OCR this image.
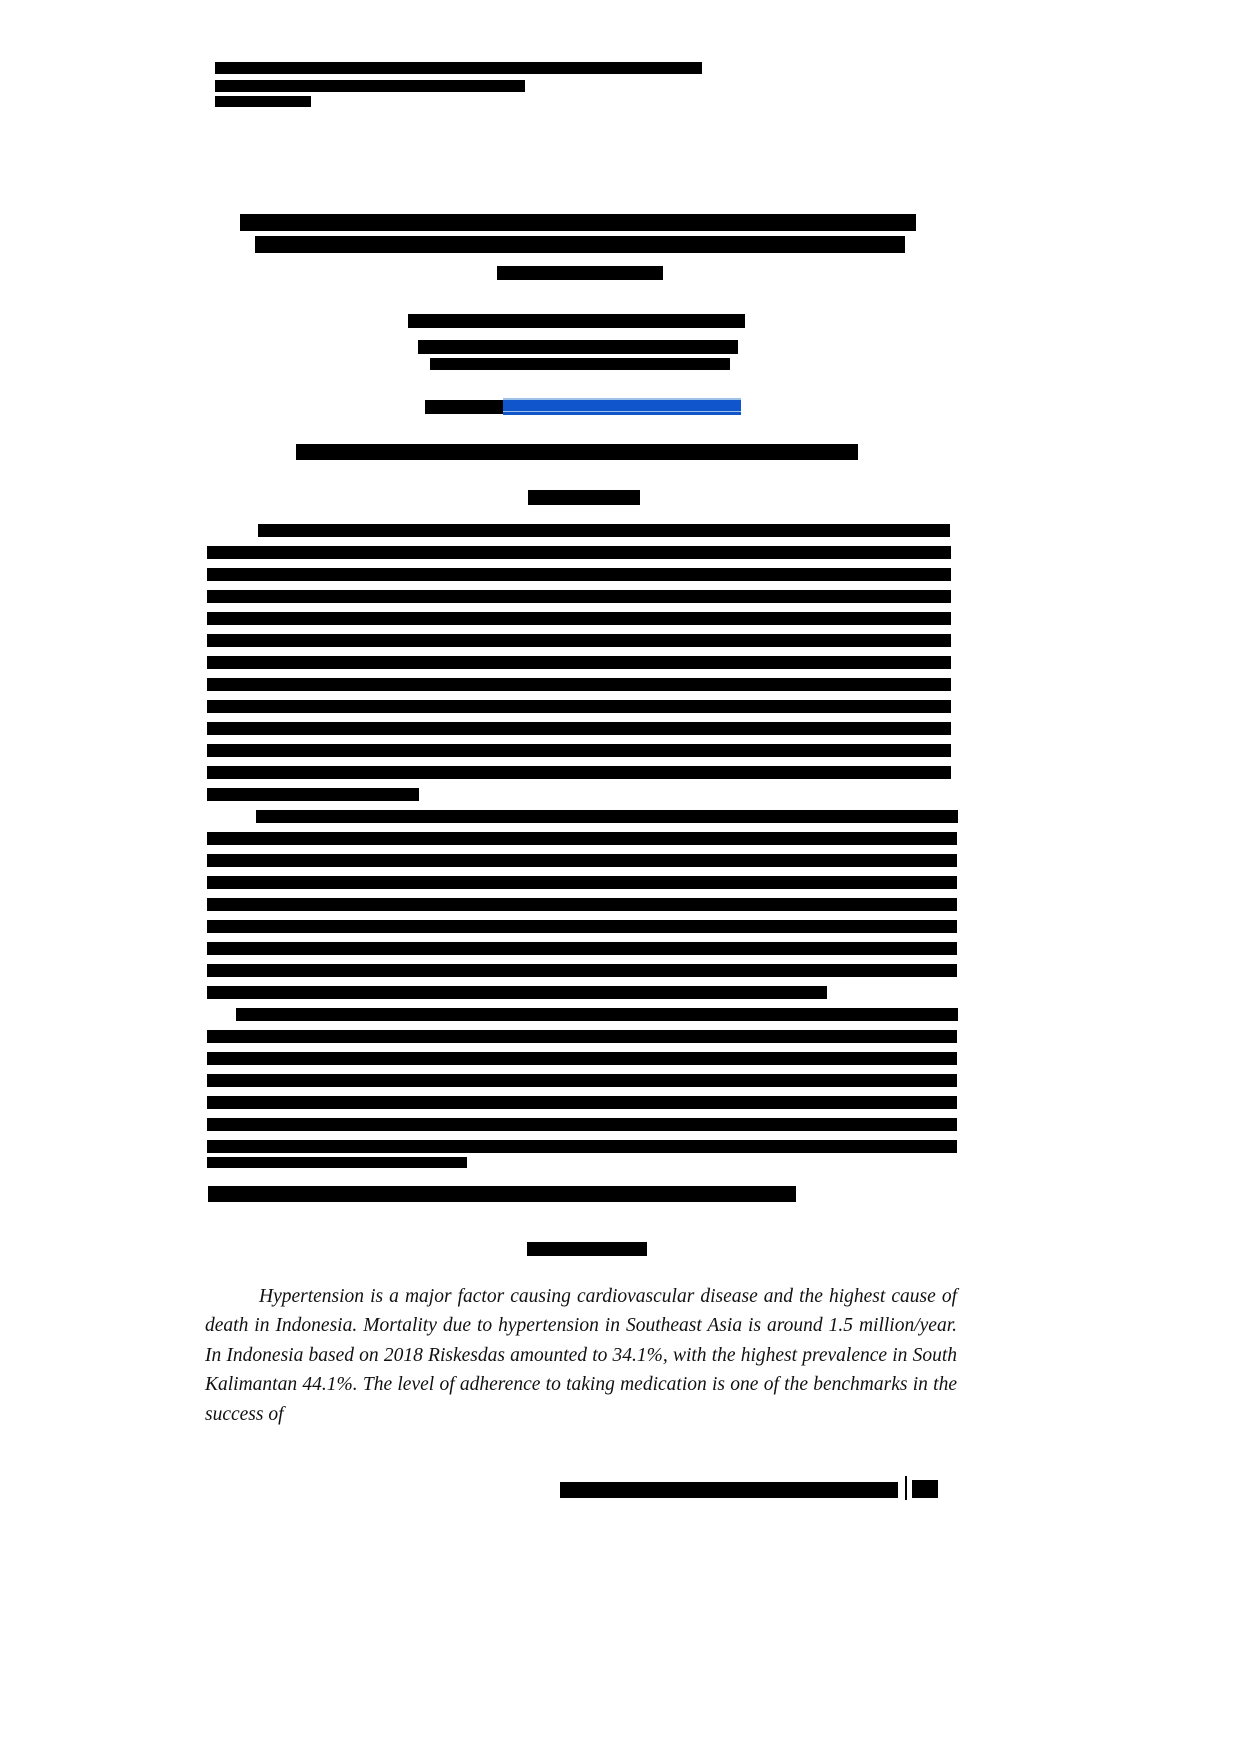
Hypertension is a major factor causing cardiovascular disease and the highest cause of death in Indonesia. Mortality due to hypertension in Southeast Asia is around 1.5 million/year. In Indonesia based on 2018 Riskesdas amounted to 34.1%, with the highest prevalence in South Kalimantan 44.1%. The level of adherence to taking medication is one of the benchmarks in the success of
